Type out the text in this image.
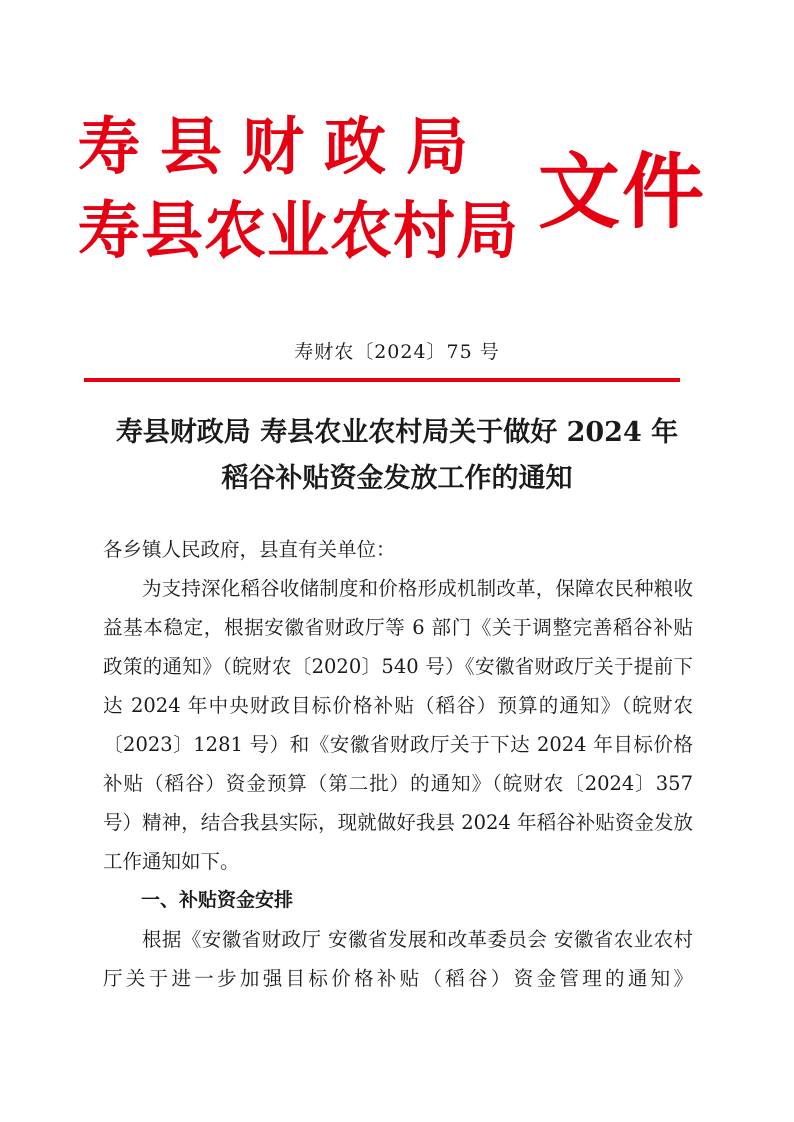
寿县财政局
寿县农业农村局 文件
寿财农〔2024〕75 号
寿县财政局 寿县农业农村局关于做好 2024 年
稻谷补贴资金发放工作的通知

各乡镇人民政府，县直有关单位：

为支持深化稻谷收储制度和价格形成机制改革，保障农民种粮收益基本稳定，根据安徽省财政厅等 6 部门《关于调整完善稻谷补贴政策的通知》（皖财农〔2020〕540 号）《安徽省财政厅关于提前下达 2024 年中央财政目标价格补贴（稻谷）预算的通知》（皖财农〔2023〕1281 号）和《安徽省财政厅关于下达 2024 年目标价格补贴（稻谷）资金预算（第二批）的通知》（皖财农〔2024〕357 号）精神，结合我县实际，现就做好我县 2024 年稻谷补贴资金发放工作通知如下。

一、补贴资金安排

根据《安徽省财政厅 安徽省发展和改革委员会 安徽省农业农村厅关于进一步加强目标价格补贴（稻谷）资金管理的通知》
